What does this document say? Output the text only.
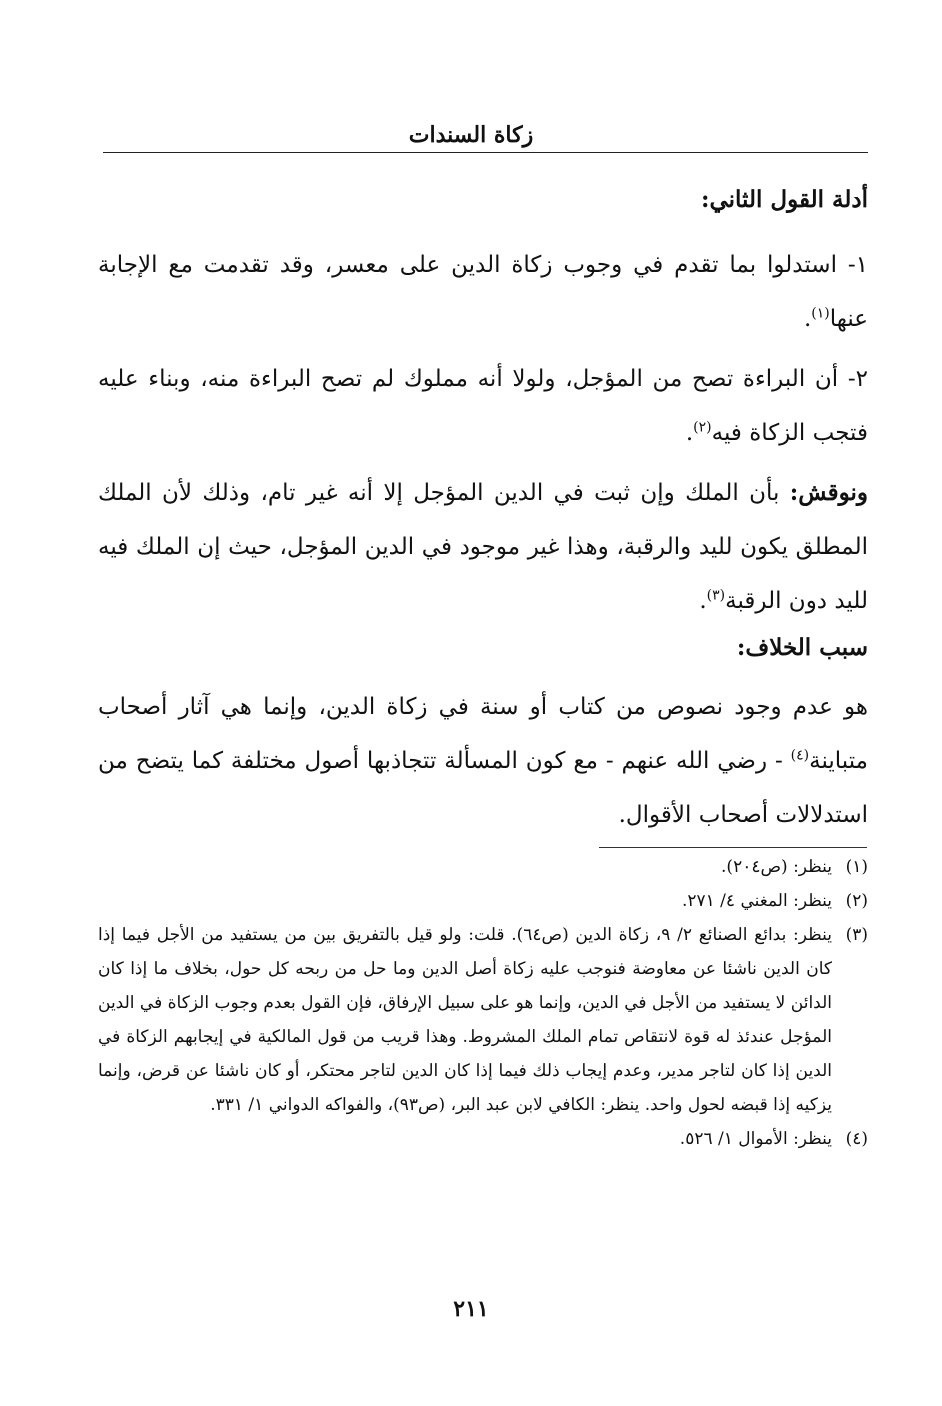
زكاة السندات
أدلة القول الثاني:
١- استدلوا بما تقدم في وجوب زكاة الدين على معسر، وقد تقدمت مع الإجابة عنها$^{(١)}$.
٢- أن البراءة تصح من المؤجل، ولولا أنه مملوك لم تصح البراءة منه، وبناء عليه فتجب الزكاة فيه$^{(٢)}$.
ونوقش: بأن الملك وإن ثبت في الدين المؤجل إلا أنه غير تام، وذلك لأن الملك المطلق يكون لليد والرقبة، وهذا غير موجود في الدين المؤجل، حيث إن الملك فيه لليد دون الرقبة$^{(٣)}$.
سبب الخلاف:
هو عدم وجود نصوص من كتاب أو سنة في زكاة الدين، وإنما هي آثار أصحاب متباينة$^{(٤)}$ - رضي الله عنهم - مع كون المسألة تتجاذبها أصول مختلفة كما يتضح من استدلالات أصحاب الأقوال.
(١)
ينظر: (ص٢٠٤).
(٢)
ينظر: المغني ٤/ ٢٧١.
(٣)
ينظر: بدائع الصنائع ٢/ ٩، زكاة الدين (ص٦٤). قلت: ولو قيل بالتفريق بين من يستفيد من الأجل فيما إذا كان الدين ناشئا عن معاوضة فنوجب عليه زكاة أصل الدين وما حل من ربحه كل حول، بخلاف ما إذا كان الدائن لا يستفيد من الأجل في الدين، وإنما هو على سبيل الإرفاق، فإن القول بعدم وجوب الزكاة في الدين المؤجل عندئذ له قوة لانتقاص تمام الملك المشروط. وهذا قريب من قول المالكية في إيجابهم الزكاة في الدين إذا كان لتاجر مدير، وعدم إيجاب ذلك فيما إذا كان الدين لتاجر محتكر، أو كان ناشئا عن قرض، وإنما يزكيه إذا قبضه لحول واحد. ينظر: الكافي لابن عبد البر، (ص٩٣)، والفواكه الدواني ١/ ٣٣١.
(٤)
ينظر: الأموال ١/ ٥٢٦.
٢١١
